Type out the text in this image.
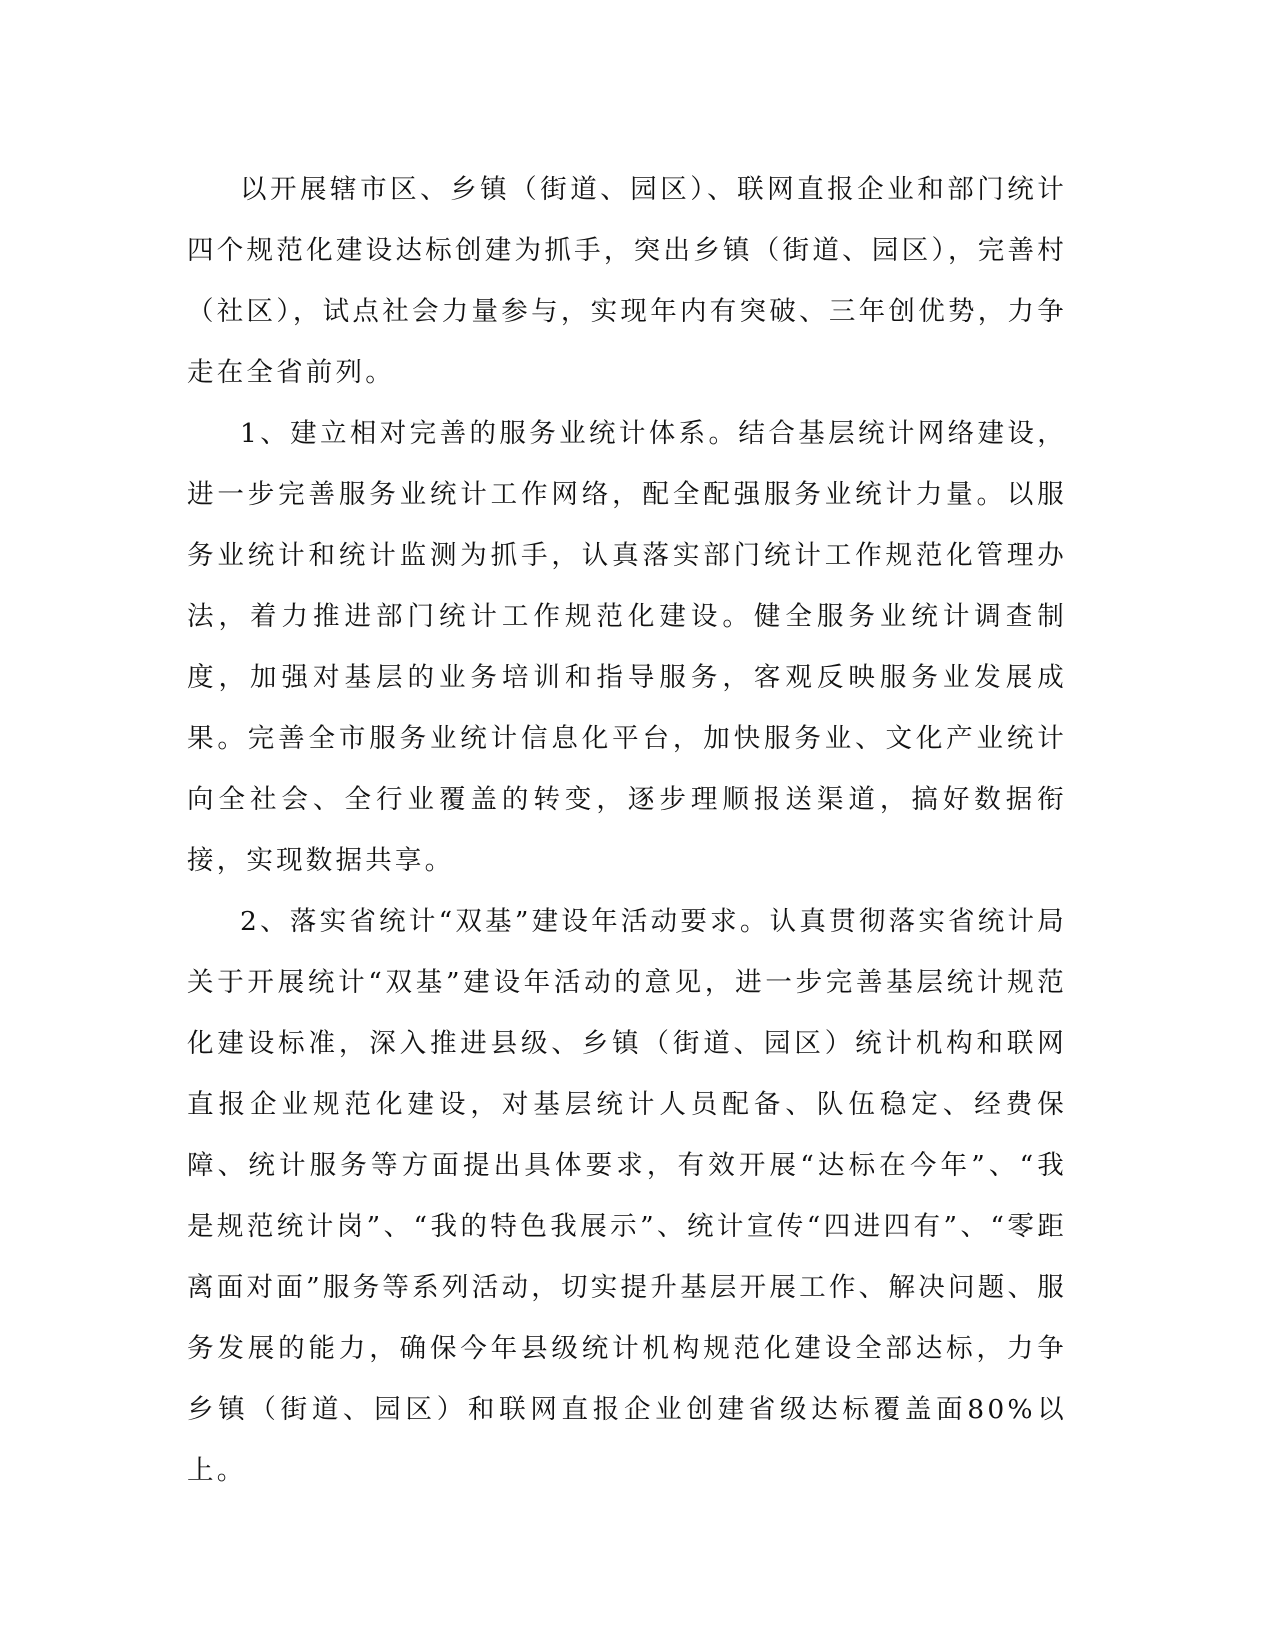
以开展辖市区、乡镇（街道、园区）、联网直报企业和部门统计四个规范化建设达标创建为抓手，突出乡镇（街道、园区），完善村（社区），试点社会力量参与，实现年内有突破、三年创优势，力争走在全省前列。

1、建立相对完善的服务业统计体系。结合基层统计网络建设，进一步完善服务业统计工作网络，配全配强服务业统计力量。以服务业统计和统计监测为抓手，认真落实部门统计工作规范化管理办法，着力推进部门统计工作规范化建设。健全服务业统计调查制度，加强对基层的业务培训和指导服务，客观反映服务业发展成果。完善全市服务业统计信息化平台，加快服务业、文化产业统计向全社会、全行业覆盖的转变，逐步理顺报送渠道，搞好数据衔接，实现数据共享。

2、落实省统计“双基”建设年活动要求。认真贯彻落实省统计局关于开展统计“双基”建设年活动的意见，进一步完善基层统计规范化建设标准，深入推进县级、乡镇（街道、园区）统计机构和联网直报企业规范化建设，对基层统计人员配备、队伍稳定、经费保障、统计服务等方面提出具体要求，有效开展“达标在今年”、“我是规范统计岗”、“我的特色我展示”、统计宣传“四进四有”、“零距离面对面”服务等系列活动，切实提升基层开展工作、解决问题、服务发展的能力，确保今年县级统计机构规范化建设全部达标，力争乡镇（街道、园区）和联网直报企业创建省级达标覆盖面80%以上。
